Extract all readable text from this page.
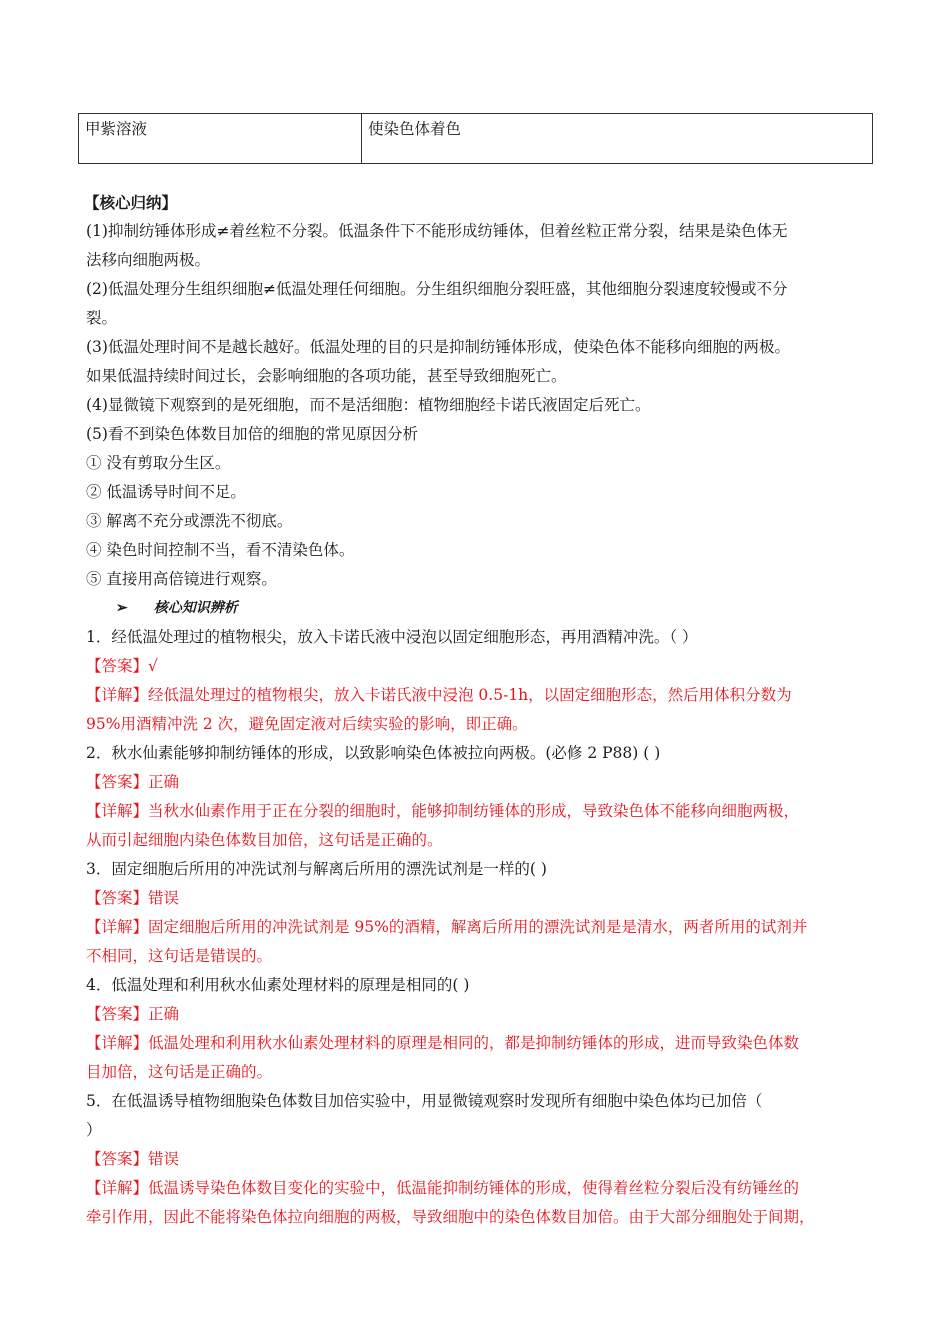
甲紫溶液	使染色体着色
【核心归纳】
(1)抑制纺锤体形成≠着丝粒不分裂。低温条件下不能形成纺锤体，但着丝粒正常分裂，结果是染色体无
法移向细胞两极。
(2)低温处理分生组织细胞≠低温处理任何细胞。分生组织细胞分裂旺盛，其他细胞分裂速度较慢或不分
裂。
(3)低温处理时间不是越长越好。低温处理的目的只是抑制纺锤体形成，使染色体不能移向细胞的两极。
如果低温持续时间过长，会影响细胞的各项功能，甚至导致细胞死亡。
(4)显微镜下观察到的是死细胞，而不是活细胞：植物细胞经卡诺氏液固定后死亡。
(5)看不到染色体数目加倍的细胞的常见原因分析
① 没有剪取分生区。
② 低温诱导时间不足。
③ 解离不充分或漂洗不彻底。
④ 染色时间控制不当，看不清染色体。
⑤ 直接用高倍镜进行观察。
➢ 核心知识辨析
1．经低温处理过的植物根尖，放入卡诺氏液中浸泡以固定细胞形态，再用酒精冲洗。（ ）
【答案】√
【详解】经低温处理过的植物根尖，放入卡诺氏液中浸泡 0.5-1h，以固定细胞形态，然后用体积分数为
95%用酒精冲洗 2 次，避免固定液对后续实验的影响，即正确。
2．秋水仙素能够抑制纺锤体的形成，以致影响染色体被拉向两极。(必修 2 P88) ( )
【答案】正确
【详解】当秋水仙素作用于正在分裂的细胞时，能够抑制纺锤体的形成，导致染色体不能移向细胞两极，
从而引起细胞内染色体数目加倍，这句话是正确的。
3．固定细胞后所用的冲洗试剂与解离后所用的漂洗试剂是一样的( )
【答案】错误
【详解】固定细胞后所用的冲洗试剂是 95%的酒精，解离后所用的漂洗试剂是是清水，两者所用的试剂并
不相同，这句话是错误的。
4．低温处理和利用秋水仙素处理材料的原理是相同的( )
【答案】正确
【详解】低温处理和利用秋水仙素处理材料的原理是相同的，都是抑制纺锤体的形成，进而导致染色体数
目加倍，这句话是正确的。
5．在低温诱导植物细胞染色体数目加倍实验中，用显微镜观察时发现所有细胞中染色体均已加倍（
）
【答案】错误
【详解】低温诱导染色体数目变化的实验中，低温能抑制纺锤体的形成，使得着丝粒分裂后没有纺锤丝的
牵引作用，因此不能将染色体拉向细胞的两极，导致细胞中的染色体数目加倍。由于大部分细胞处于间期，
